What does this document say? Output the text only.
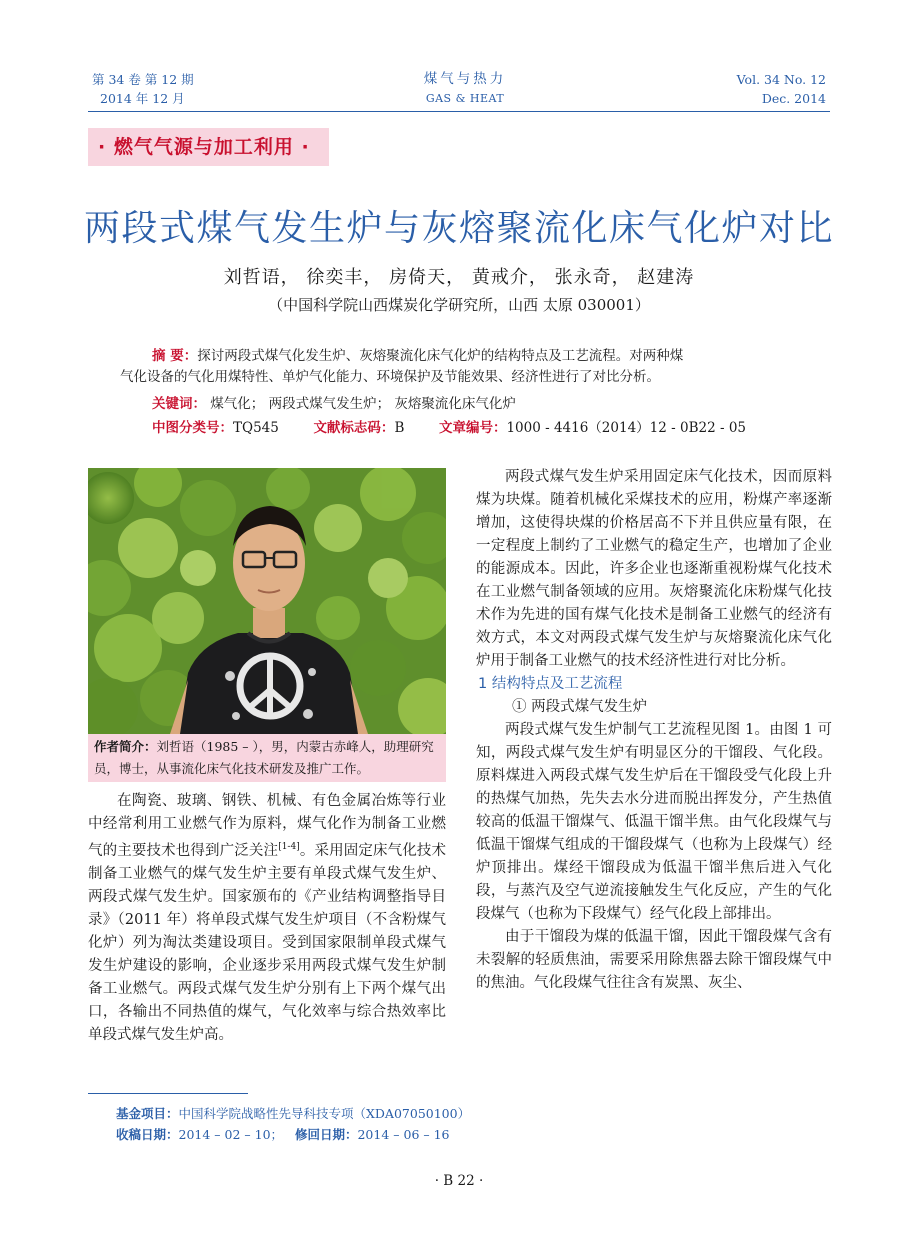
第 34 卷 第 12 期
2014 年 12 月
煤气与热力
GAS & HEAT
Vol. 34 No. 12
Dec. 2014
· 燃气气源与加工利用 ·
两段式煤气发生炉与灰熔聚流化床气化炉对比
刘哲语， 徐奕丰， 房倚天， 黄戒介， 张永奇， 赵建涛
（中国科学院山西煤炭化学研究所，山西 太原 030001）

摘 要：探讨两段式煤气化发生炉、灰熔聚流化床气化炉的结构特点及工艺流程。对两种煤

气化设备的气化用煤特性、单炉气化能力、环境保护及节能效果、经济性进行了对比分析。

关键词： 煤气化； 两段式煤气发生炉； 灰熔聚流化床气化炉
中图分类号：TQ545	文献标志码：B	文章编号：1000 - 4416（2014）12 - 0B22 - 05

作者简介：刘哲语（1985 – ），男，内蒙古赤峰人，助理研究员，博士，从事流化床气化技术研发及推广工作。

在陶瓷、玻璃、钢铁、机械、有色金属冶炼等行业中经常利用工业燃气作为原料，煤气化作为制备工业燃气的主要技术也得到广泛关注[1-4]。采用固定床气化技术制备工业燃气的煤气发生炉主要有单段式煤气发生炉、两段式煤气发生炉。国家颁布的《产业结构调整指导目录》（2011 年）将单段式煤气发生炉项目（不含粉煤气化炉）列为淘汰类建设项目。受到国家限制单段式煤气发生炉建设的影响，企业逐步采用两段式煤气发生炉制备工业燃气。两段式煤气发生炉分别有上下两个煤气出口，各输出不同热值的煤气，气化效率与综合热效率比单段式煤气发生炉高。

两段式煤气发生炉采用固定床气化技术，因而原料煤为块煤。随着机械化采煤技术的应用，粉煤产率逐渐增加，这使得块煤的价格居高不下并且供应量有限，在一定程度上制约了工业燃气的稳定生产，也增加了企业的能源成本。因此，许多企业也逐渐重视粉煤气化技术在工业燃气制备领域的应用。灰熔聚流化床粉煤气化技术作为先进的国有煤气化技术是制备工业燃气的经济有效方式，本文对两段式煤气发生炉与灰熔聚流化床气化炉用于制备工业燃气的技术经济性进行对比分析。

1 结构特点及工艺流程

① 两段式煤气发生炉

两段式煤气发生炉制气工艺流程见图 1。由图 1 可知，两段式煤气发生炉有明显区分的干馏段、气化段。原料煤进入两段式煤气发生炉后在干馏段受气化段上升的热煤气加热，先失去水分进而脱出挥发分，产生热值较高的低温干馏煤气、低温干馏半焦。由气化段煤气与低温干馏煤气组成的干馏段煤气（也称为上段煤气）经炉顶排出。煤经干馏段成为低温干馏半焦后进入气化段，与蒸汽及空气逆流接触发生气化反应，产生的气化段煤气（也称为下段煤气）经气化段上部排出。

由于干馏段为煤的低温干馏，因此干馏段煤气含有未裂解的轻质焦油，需要采用除焦器去除干馏段煤气中的焦油。气化段煤气往往含有炭黑、灰尘、

基金项目：中国科学院战略性先导科技专项（XDA07050100）
收稿日期：2014 – 02 – 10； 修回日期：2014 – 06 – 16
· B 22 ·
